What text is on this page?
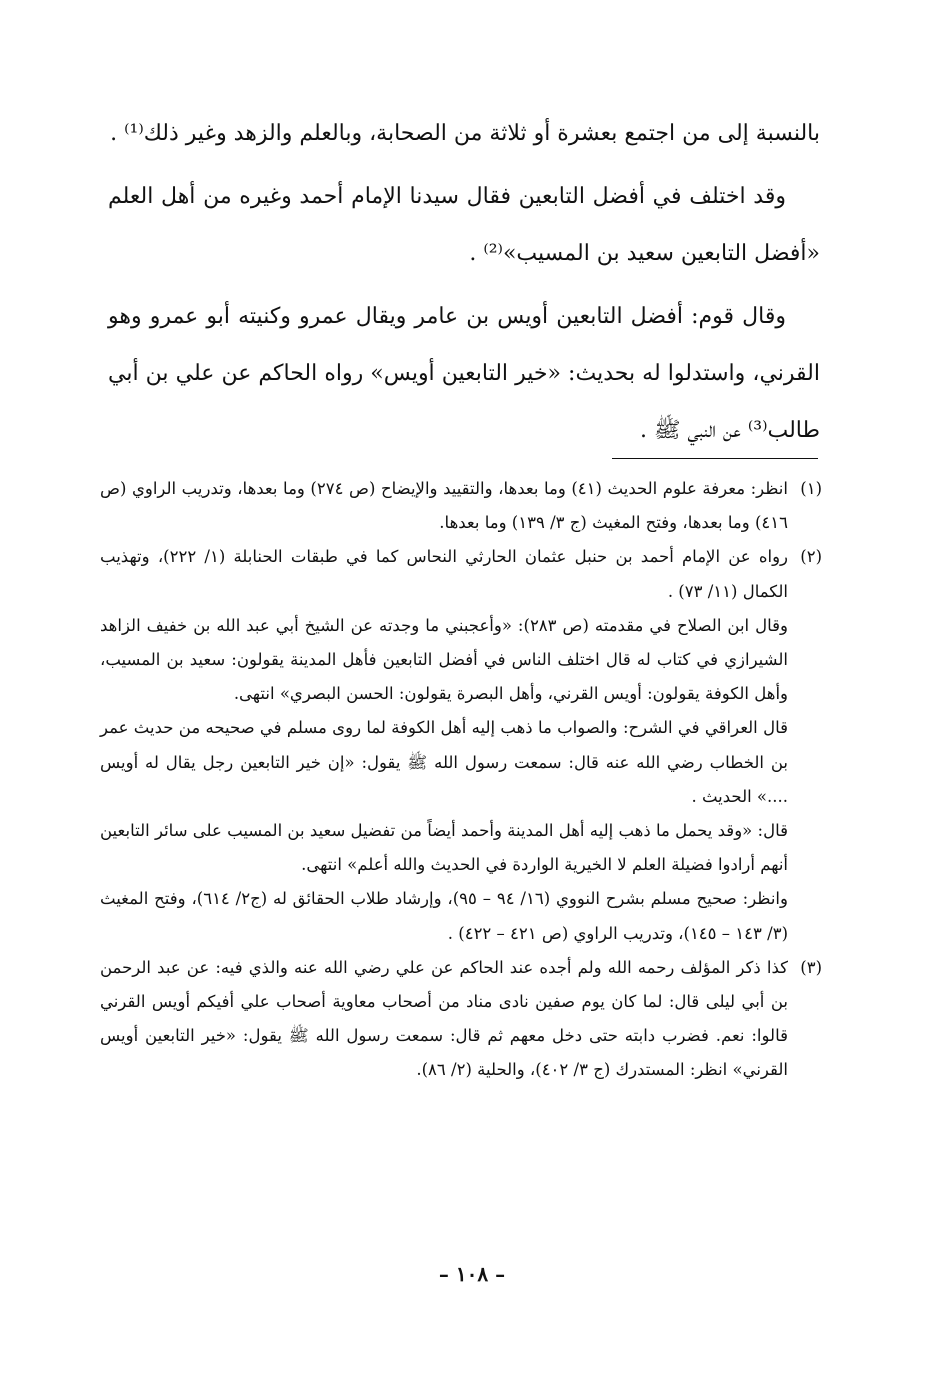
بالنسبة إلى من اجتمع بعشرة أو ثلاثة من الصحابة، وبالعلم والزهد وغير ذلك⁽¹⁾ .

وقد اختلف في أفضل التابعين فقال سيدنا الإمام أحمد وغيره من أهل العلم «أفضل التابعين سعيد بن المسيب»⁽²⁾ .

وقال قوم: أفضل التابعين أويس بن عامر ويقال عمرو وكنيته أبو عمرو وهو القرني، واستدلوا له بحديث: «خير التابعين أويس» رواه الحاكم عن علي بن أبي طالب⁽³⁾ عن النبي ﷺ .

(١)
انظر: معرفة علوم الحديث (٤١) وما بعدها، والتقييد والإيضاح (ص ٢٧٤) وما بعدها، وتدريب الراوي (ص ٤١٦) وما بعدها، وفتح المغيث (ج ٣/ ١٣٩) وما بعدها.
(٢)
رواه عن الإمام أحمد بن حنبل عثمان الحارثي النحاس كما في طبقات الحنابلة (١/ ٢٢٢)، وتهذيب الكمال (١١/ ٧٣) .
وقال ابن الصلاح في مقدمته (ص ٢٨٣): «وأعجبني ما وجدته عن الشيخ أبي عبد الله بن خفيف الزاهد الشيرازي في كتاب له قال اختلف الناس في أفضل التابعين فأهل المدينة يقولون: سعيد بن المسيب، وأهل الكوفة يقولون: أويس القرني، وأهل البصرة يقولون: الحسن البصري» انتهى.
قال العراقي في الشرح: والصواب ما ذهب إليه أهل الكوفة لما روى مسلم في صحيحه من حديث عمر بن الخطاب رضي الله عنه قال: سمعت رسول الله ﷺ يقول: «إن خير التابعين رجل يقال له أويس ....» الحديث .
قال: «وقد يحمل ما ذهب إليه أهل المدينة وأحمد أيضاً من تفضيل سعيد بن المسيب على سائر التابعين أنهم أرادوا فضيلة العلم لا الخيرية الواردة في الحديث والله أعلم» انتهى.
وانظر: صحيح مسلم بشرح النووي (١٦/ ٩٤ – ٩٥)، وإرشاد طلاب الحقائق له (ج٢/ ٦١٤)، وفتح المغيث (٣/ ١٤٣ – ١٤٥)، وتدريب الراوي (ص ٤٢١ – ٤٢٢) .
(٣)
كذا ذكر المؤلف رحمه الله ولم أجده عند الحاكم عن علي رضي الله عنه والذي فيه: عن عبد الرحمن بن أبي ليلى قال: لما كان يوم صفين نادى مناد من أصحاب معاوية أصحاب علي أفيكم أويس القرني قالوا: نعم. فضرب دابته حتى دخل معهم ثم قال: سمعت رسول الله ﷺ يقول: «خير التابعين أويس القرني» انظر: المستدرك (ج ٣/ ٤٠٢)، والحلية (٢/ ٨٦).
– ١٠٨ –
